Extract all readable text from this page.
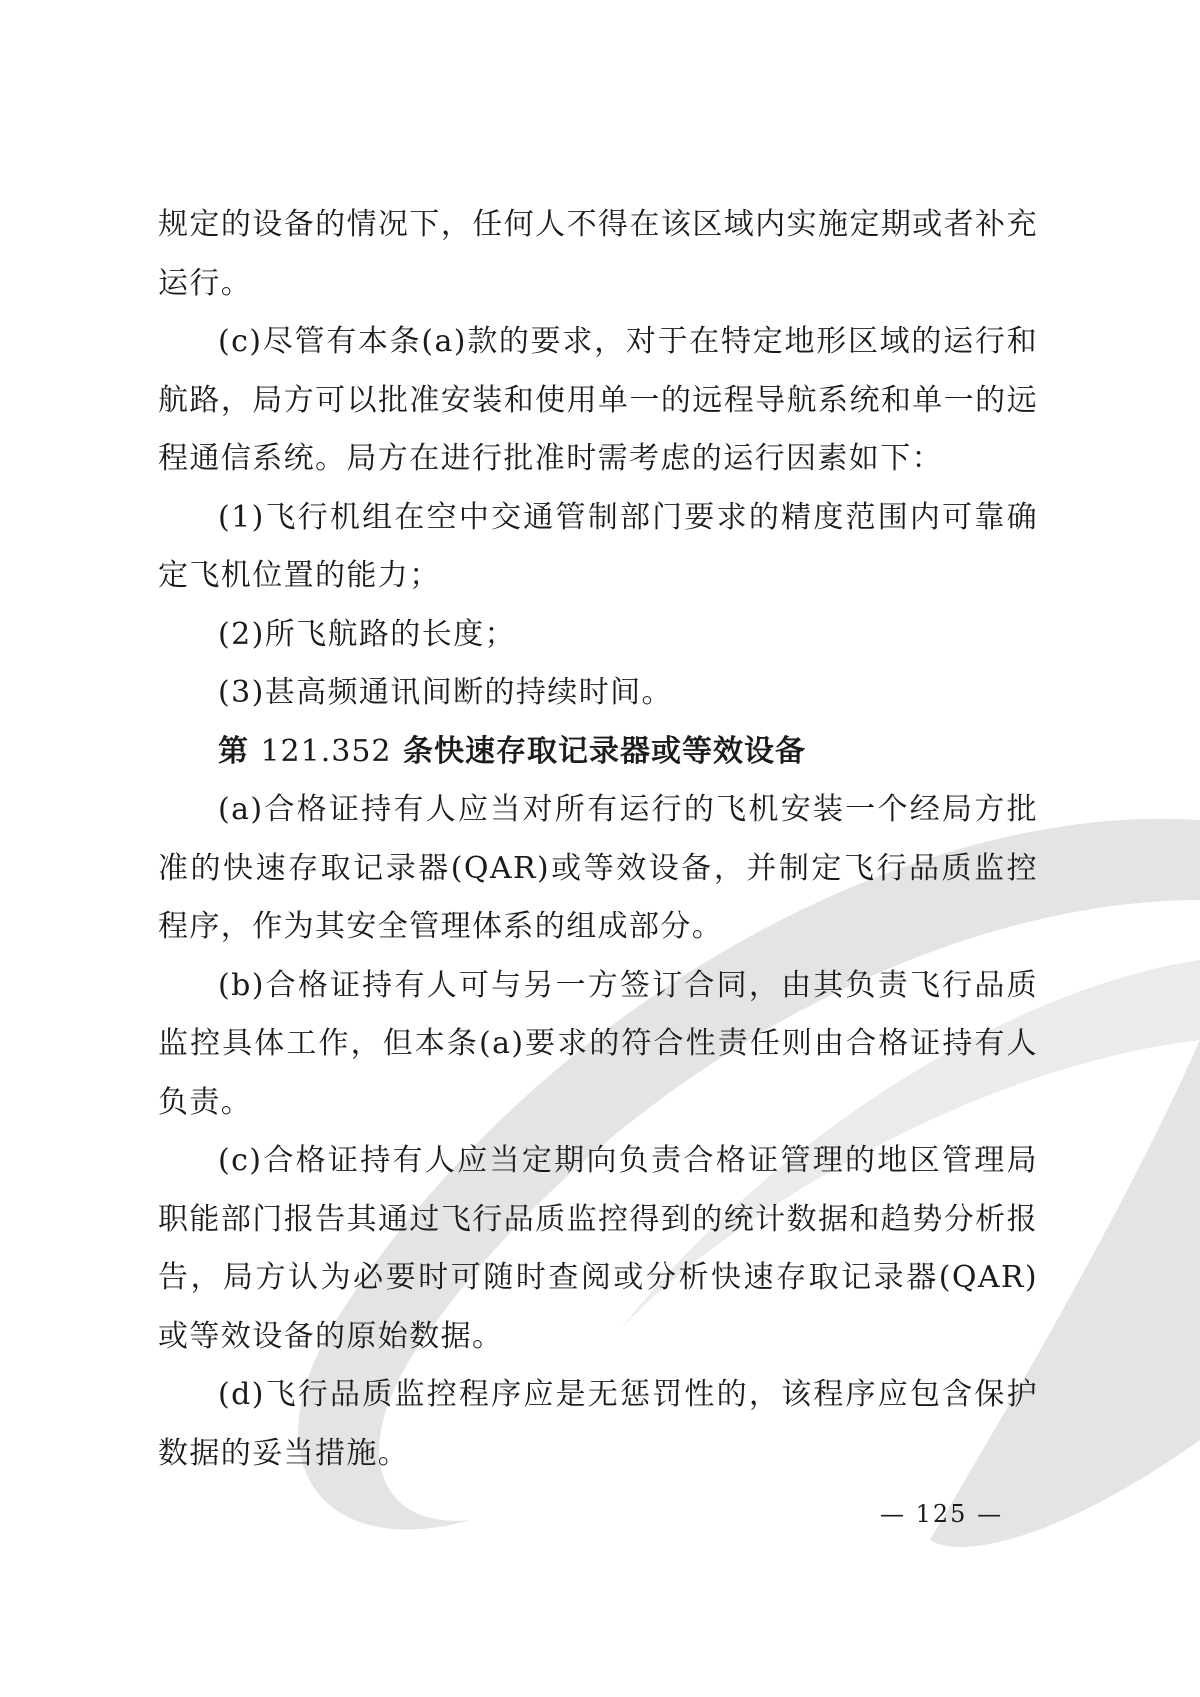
规定的设备的情况下，任何人不得在该区域内实施定期或者补充运行。

(c)尽管有本条(a)款的要求，对于在特定地形区域的运行和航路，局方可以批准安装和使用单一的远程导航系统和单一的远程通信系统。局方在进行批准时需考虑的运行因素如下：

(1)飞行机组在空中交通管制部门要求的精度范围内可靠确定飞机位置的能力；

(2)所飞航路的长度；

(3)甚高频通讯间断的持续时间。

第 121.352 条快速存取记录器或等效设备

(a)合格证持有人应当对所有运行的飞机安装一个经局方批准的快速存取记录器(QAR)或等效设备，并制定飞行品质监控程序，作为其安全管理体系的组成部分。

(b)合格证持有人可与另一方签订合同，由其负责飞行品质监控具体工作，但本条(a)要求的符合性责任则由合格证持有人负责。

(c)合格证持有人应当定期向负责合格证管理的地区管理局职能部门报告其通过飞行品质监控得到的统计数据和趋势分析报告，局方认为必要时可随时查阅或分析快速存取记录器(QAR)或等效设备的原始数据。

(d)飞行品质监控程序应是无惩罚性的，该程序应包含保护数据的妥当措施。

— 125 —
